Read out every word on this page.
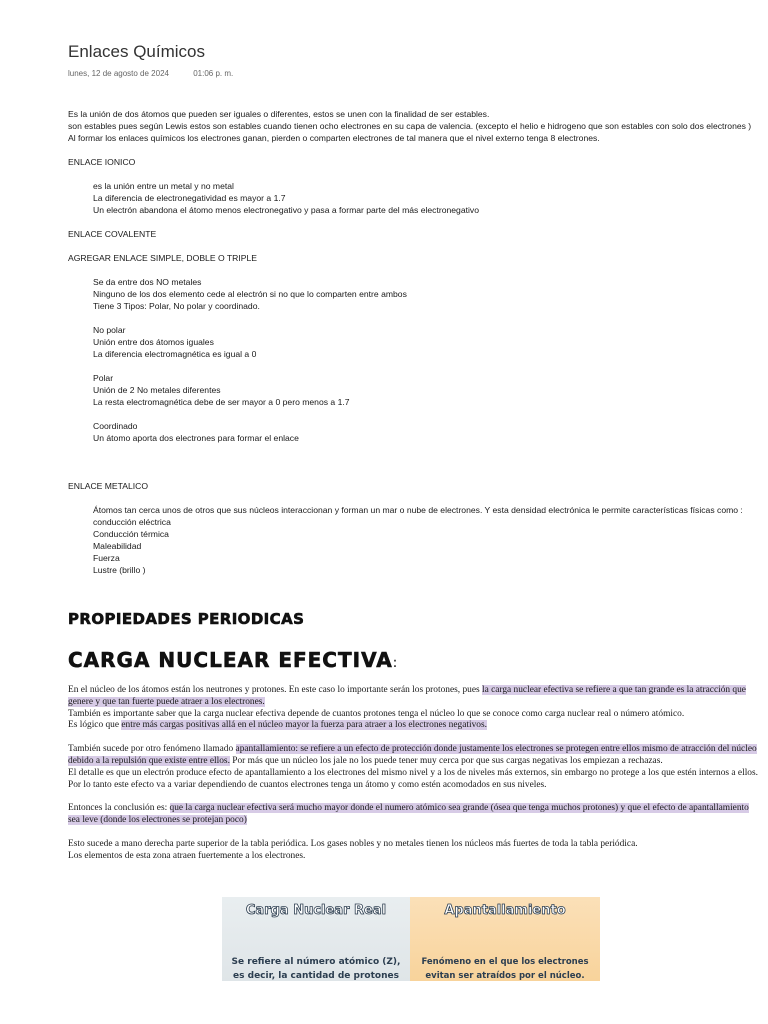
Enlaces Químicos
lunes, 12 de agosto de 2024	01:06 p. m.

Es la unión de dos átomos que pueden ser iguales o diferentes, estos se unen con la finalidad de ser estables.

son estables pues según Lewis estos son estables cuando tienen ocho electrones en su capa de valencia. (excepto el helio e hidrogeno que son estables con solo dos electrones )

Al formar los enlaces químicos los electrones ganan, pierden o comparten electrones de tal manera que el nivel externo tenga 8 electrones.

ENLACE IONICO

es la unión entre un metal y no metal

La diferencia de electronegatividad es mayor a 1.7

Un electrón abandona el átomo menos electronegativo y pasa a formar parte del más electronegativo

ENLACE COVALENTE

AGREGAR ENLACE SIMPLE, DOBLE O TRIPLE

Se da entre dos NO metales

Ninguno de los dos elemento cede al electrón si no que lo comparten entre ambos

Tiene 3 Tipos: Polar, No polar y coordinado.

No polar

Unión entre dos átomos iguales

La diferencia electromagnética es igual a 0

Polar

Unión de 2 No metales diferentes

La resta electromagnética debe de ser mayor a 0 pero menos a 1.7

Coordinado

Un átomo aporta dos electrones para formar el enlace

ENLACE METALICO

Átomos tan cerca unos de otros que sus núcleos interaccionan y forman un mar o nube de electrones. Y esta densidad electrónica le permite características físicas como :

conducción eléctrica

Conducción térmica

Maleabilidad

Fuerza

Lustre (brillo )

PROPIEDADES PERIODICAS
CARGA NUCLEAR EFECTIVA:

En el núcleo de los átomos están los neutrones y protones. En este caso lo importante serán los protones, pues la carga nuclear efectiva se refiere a que tan grande es la atracción que genere y que tan fuerte puede atraer a los electrones.

También es importante saber que la carga nuclear efectiva depende de cuantos protones tenga el núcleo lo que se conoce como carga nuclear real o número atómico.

Es lógico que entre más cargas positivas allá en el núcleo mayor la fuerza para atraer a los electrones negativos.

También sucede por otro fenómeno llamado apantallamiento: se refiere a un efecto de protección donde justamente los electrones se protegen entre ellos mismo de atracción del núcleo debido a la repulsión que existe entre ellos. Por más que un núcleo los jale no los puede tener muy cerca por que sus cargas negativas los empiezan a rechazas.

El detalle es que un electrón produce efecto de apantallamiento a los electrones del mismo nivel y a los de niveles más externos, sin embargo no protege a los que estén internos a ellos. Por lo tanto este efecto va a variar dependiendo de cuantos electrones tenga un átomo y como estén acomodados en sus niveles.

Entonces la conclusión es: que la carga nuclear efectiva será mucho mayor donde el numero atómico sea grande (ósea que tenga muchos protones) y que el efecto de apantallamiento sea leve (donde los electrones se protejan poco)

Esto sucede a mano derecha parte superior de la tabla periódica. Los gases nobles y no metales tienen los núcleos más fuertes de toda la tabla periódica.

Los elementos de esta zona atraen fuertemente a los electrones.

Carga Nuclear Real
Se refiere al número atómico (Z),
es decir, la cantidad de protones
Apantallamiento
Fenómeno en el que los electrones
evitan ser atraídos por el núcleo.
